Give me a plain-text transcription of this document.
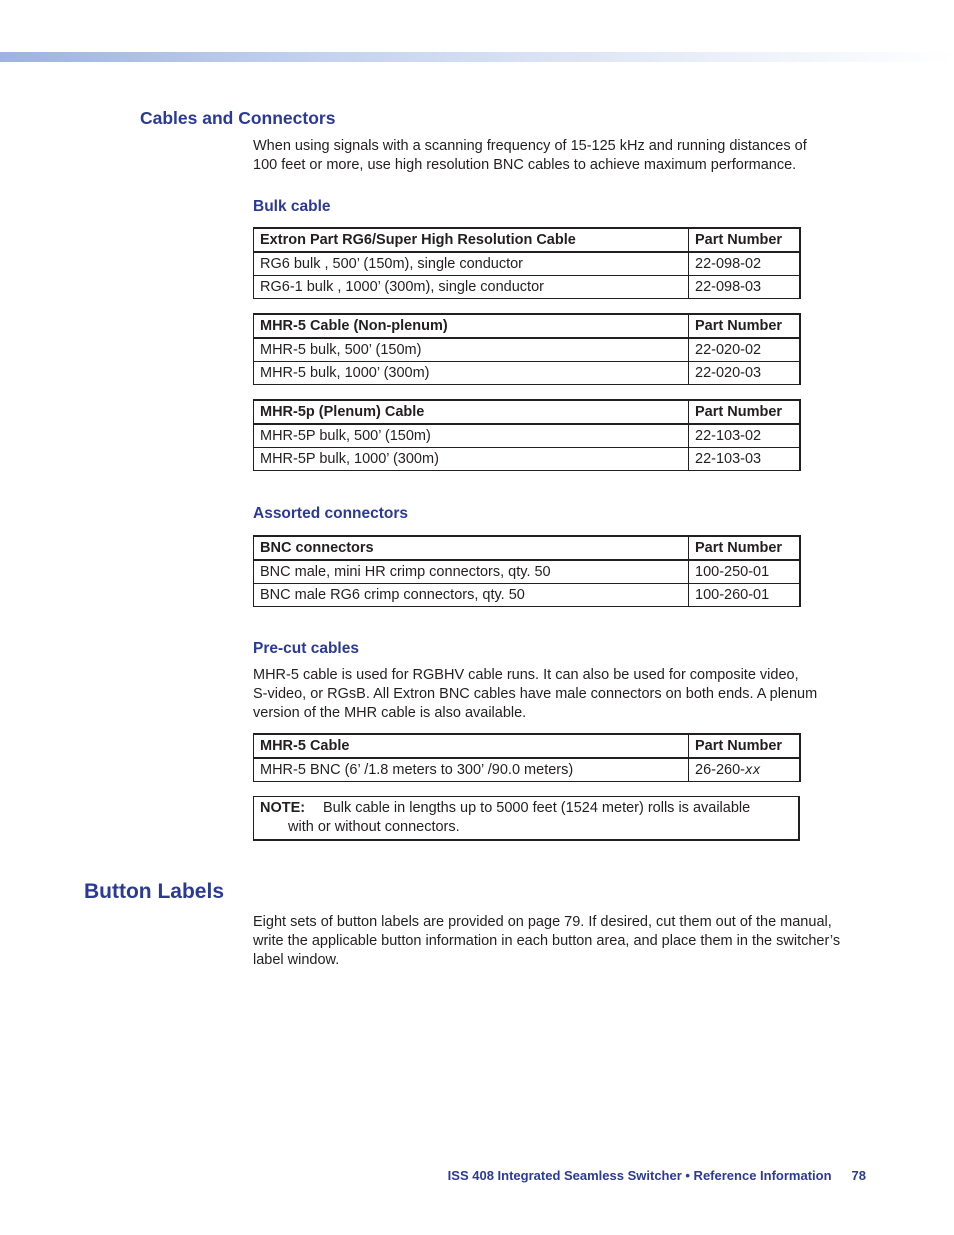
Cables and Connectors

When using signals with a scanning frequency of 15-125 kHz and running distances of

100 feet or more, use high resolution BNC cables to achieve maximum performance.

Bulk cable
Extron Part RG6/Super High Resolution Cable	Part Number
RG6 bulk , 500’ (150m), single conductor	22-098-02
RG6-1 bulk , 1000’ (300m), single conductor	22-098-03
MHR-5 Cable (Non-plenum)	Part Number
MHR-5 bulk, 500’ (150m)	22-020-02
MHR-5 bulk, 1000’ (300m)	22-020-03
MHR-5p (Plenum) Cable	Part Number
MHR-5P bulk, 500’ (150m)	22-103-02
MHR-5P bulk, 1000’ (300m)	22-103-03
Assorted connectors
BNC connectors	Part Number
BNC male, mini HR crimp connectors, qty. 50	100-250-01
BNC male RG6 crimp connectors, qty. 50	100-260-01
Pre-cut cables

MHR-5 cable is used for RGBHV cable runs. It can also be used for composite video,

S-video, or RGsB. All Extron BNC cables have male connectors on both ends. A plenum

version of the MHR cable is also available.

MHR-5 Cable	Part Number
MHR-5 BNC (6’ /1.8 meters to 300’ /90.0 meters)	26-260-xx
NOTE: Bulk cable in lengths up to 5000 feet (1524 meter) rolls is available
with or without connectors.
Button Labels

Eight sets of button labels are provided on page 79. If desired, cut them out of the manual,

write the applicable button information in each button area, and place them in the switcher’s

label window.

ISS 408 Integrated Seamless Switcher • Reference Information 78
